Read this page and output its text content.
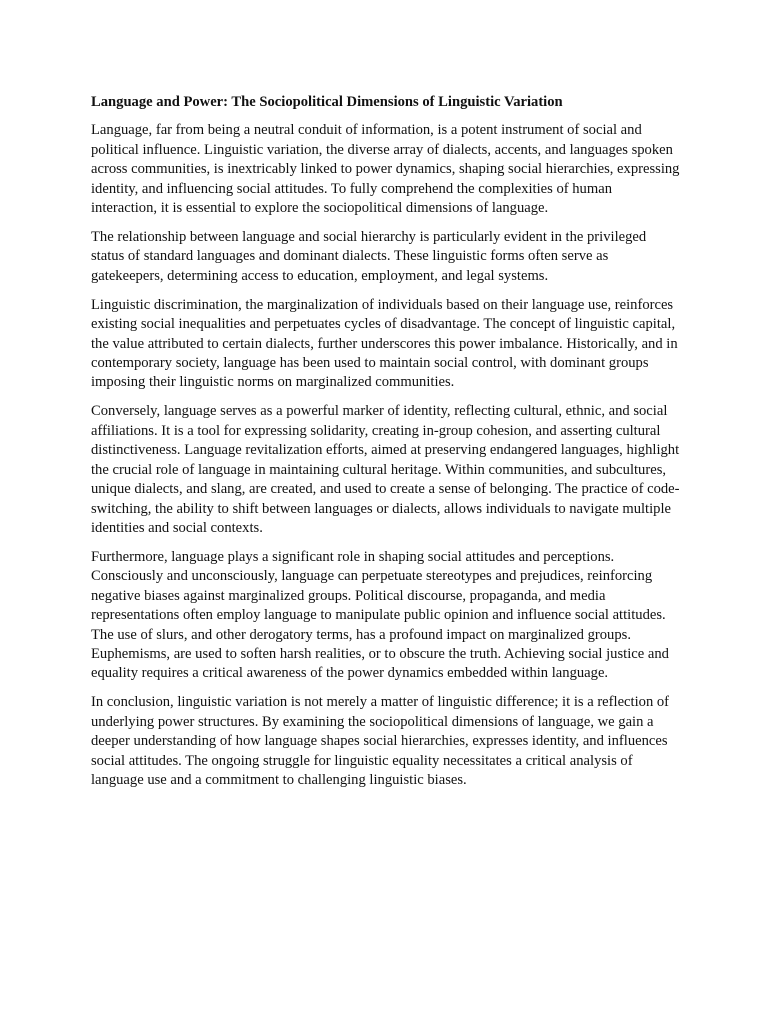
Language and Power: The Sociopolitical Dimensions of Linguistic Variation

Language, far from being a neutral conduit of information, is a potent instrument of social and political influence. Linguistic variation, the diverse array of dialects, accents, and languages spoken across communities, is inextricably linked to power dynamics, shaping social hierarchies, expressing identity, and influencing social attitudes. To fully comprehend the complexities of human interaction, it is essential to explore the sociopolitical dimensions of language.

The relationship between language and social hierarchy is particularly evident in the privileged status of standard languages and dominant dialects. These linguistic forms often serve as gatekeepers, determining access to education, employment, and legal systems.

Linguistic discrimination, the marginalization of individuals based on their language use, reinforces existing social inequalities and perpetuates cycles of disadvantage. The concept of linguistic capital, the value attributed to certain dialects, further underscores this power imbalance. Historically, and in contemporary society, language has been used to maintain social control, with dominant groups imposing their linguistic norms on marginalized communities.

Conversely, language serves as a powerful marker of identity, reflecting cultural, ethnic, and social affiliations. It is a tool for expressing solidarity, creating in-group cohesion, and asserting cultural distinctiveness. Language revitalization efforts, aimed at preserving endangered languages, highlight the crucial role of language in maintaining cultural heritage. Within communities, and subcultures, unique dialects, and slang, are created, and used to create a sense of belonging. The practice of code-switching, the ability to shift between languages or dialects, allows individuals to navigate multiple identities and social contexts.

Furthermore, language plays a significant role in shaping social attitudes and perceptions. Consciously and unconsciously, language can perpetuate stereotypes and prejudices, reinforcing negative biases against marginalized groups. Political discourse, propaganda, and media representations often employ language to manipulate public opinion and influence social attitudes. The use of slurs, and other derogatory terms, has a profound impact on marginalized groups. Euphemisms, are used to soften harsh realities, or to obscure the truth. Achieving social justice and equality requires a critical awareness of the power dynamics embedded within language.

In conclusion, linguistic variation is not merely a matter of linguistic difference; it is a reflection of underlying power structures. By examining the sociopolitical dimensions of language, we gain a deeper understanding of how language shapes social hierarchies, expresses identity, and influences social attitudes. The ongoing struggle for linguistic equality necessitates a critical analysis of language use and a commitment to challenging linguistic biases.
